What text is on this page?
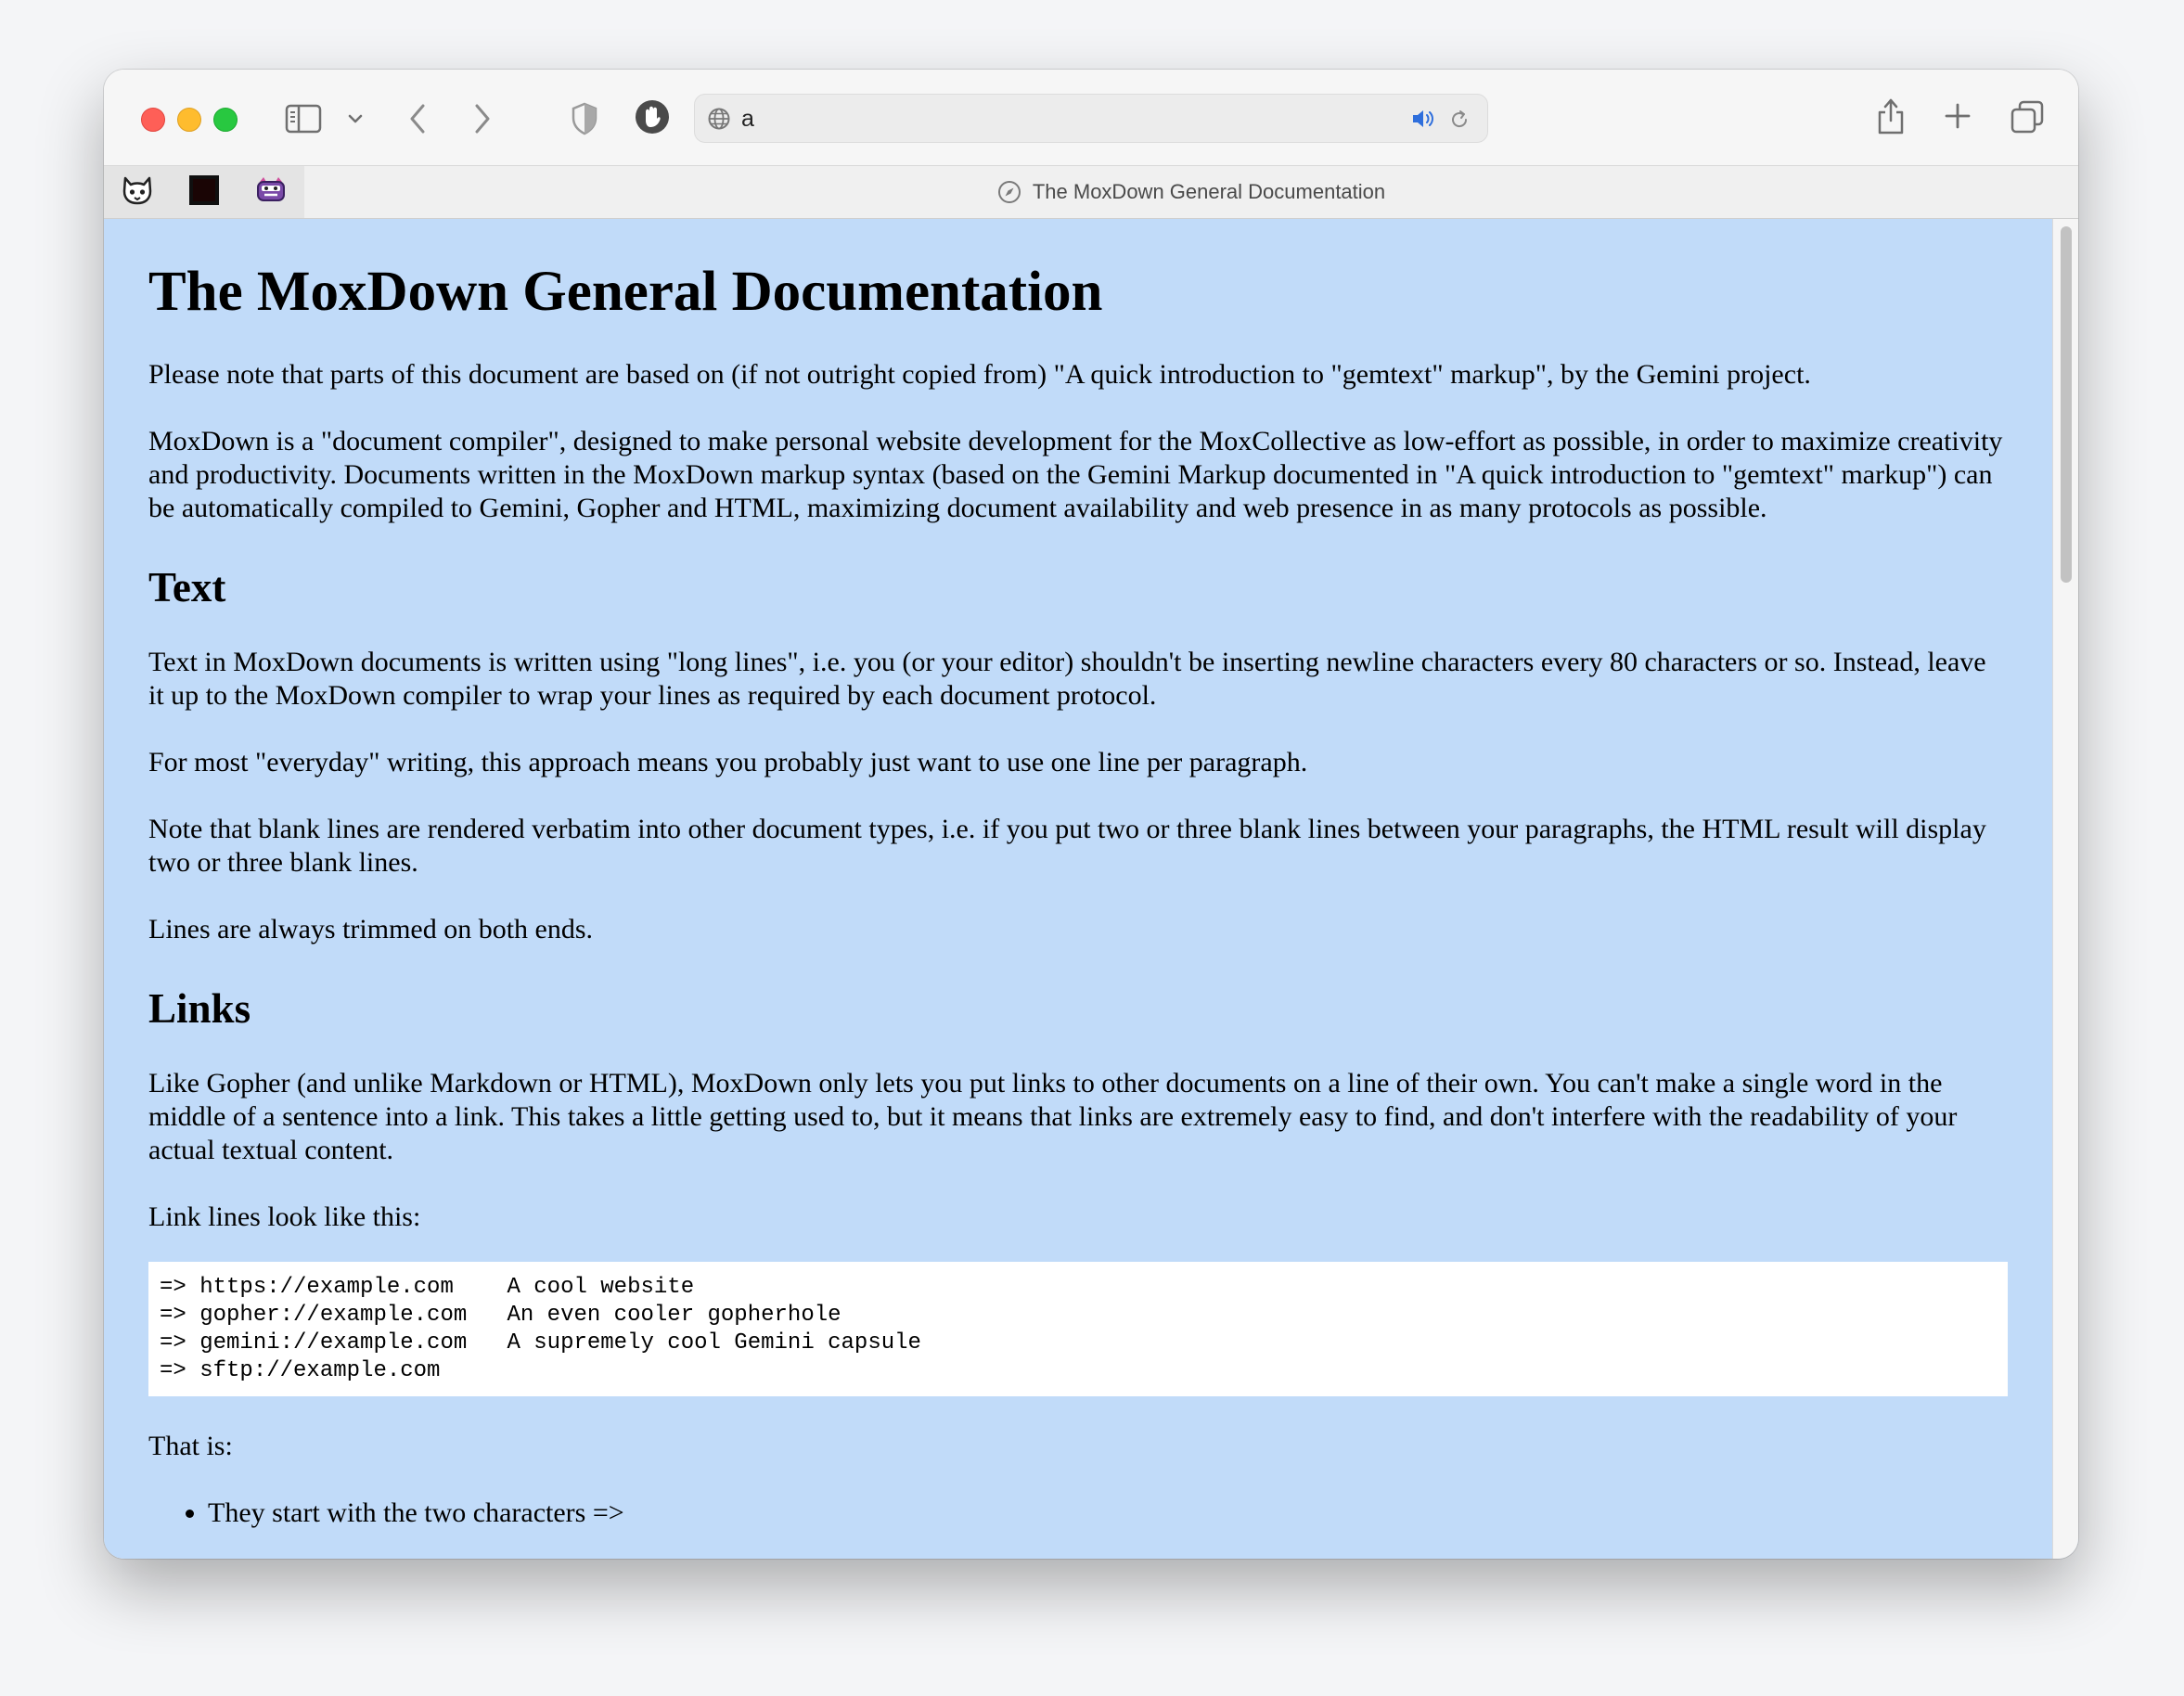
a
The MoxDown General Documentation
The MoxDown General Documentation

Please note that parts of this document are based on (if not outright copied from) "A quick introduction to "gemtext" markup", by the Gemini project.

MoxDown is a "document compiler", designed to make personal website development for the MoxCollective as low-effort as possible, in order to maximize creativity and productivity. Documents written in the MoxDown markup syntax (based on the Gemini Markup documented in "A quick introduction to "gemtext" markup") can be automatically compiled to Gemini, Gopher and HTML, maximizing document availability and web presence in as many protocols as possible.

Text

Text in MoxDown documents is written using "long lines", i.e. you (or your editor) shouldn't be inserting newline characters every 80 characters or so. Instead, leave it up to the MoxDown compiler to wrap your lines as required by each document protocol.

For most "everyday" writing, this approach means you probably just want to use one line per paragraph.

Note that blank lines are rendered verbatim into other document types, i.e. if you put two or three blank lines between your paragraphs, the HTML result will display two or three blank lines.

Lines are always trimmed on both ends.

Links

Like Gopher (and unlike Markdown or HTML), MoxDown only lets you put links to other documents on a line of their own. You can't make a single word in the middle of a sentence into a link. This takes a little getting used to, but it means that links are extremely easy to find, and don't interfere with the readability of your actual textual content.

Link lines look like this:

=> https://example.com    A cool website
=> gopher://example.com   An even cooler gopherhole
=> gemini://example.com   A supremely cool Gemini capsule
=> sftp://example.com

That is:

• They start with the two characters =>
